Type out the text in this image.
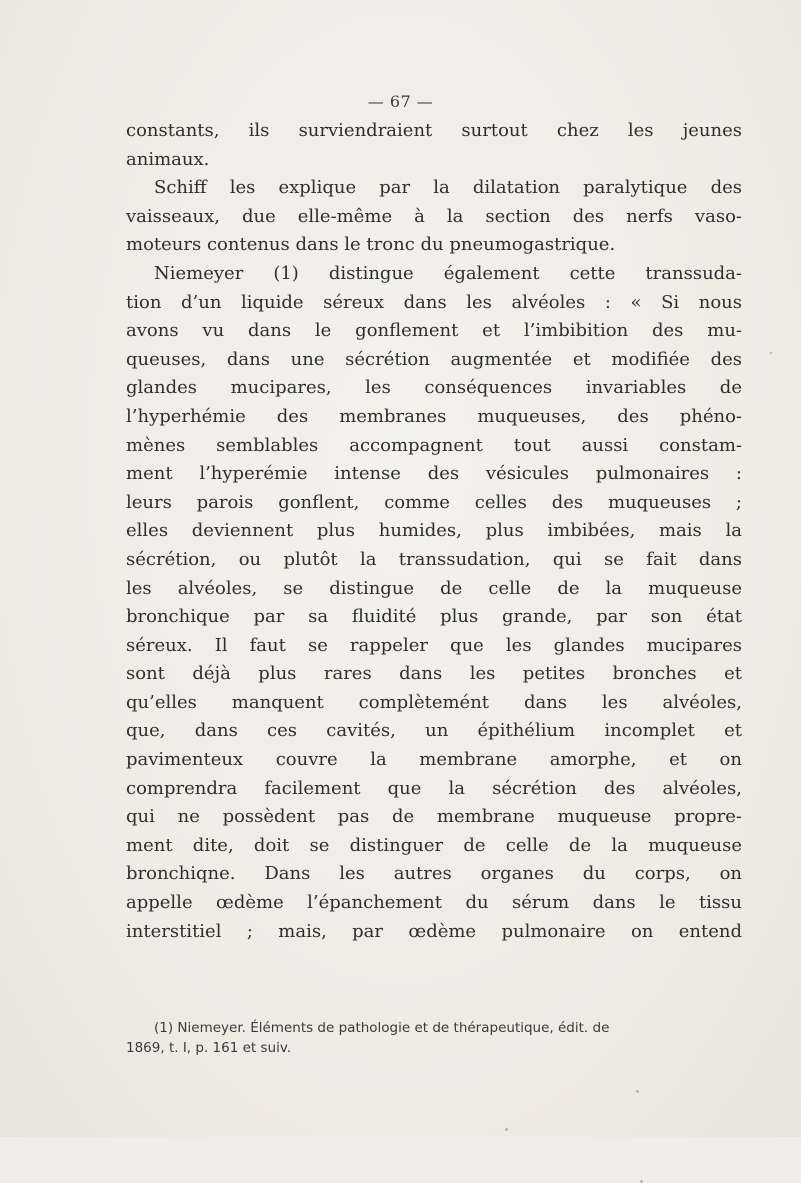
— 67 —
constants, ils surviendraient surtout chez les jeunes
animaux.
Schiff les explique par la dilatation paralytique des
vaisseaux, due elle-même à la section des nerfs vaso-
moteurs contenus dans le tronc du pneumogastrique.
Niemeyer (1) distingue également cette transsuda-
tion d’un liquide séreux dans les alvéoles : « Si nous
avons vu dans le gonflement et l’imbibition des mu-
queuses, dans une sécrétion augmentée et modifiée des
glandes mucipares, les conséquences invariables de
l’hyperhémie des membranes muqueuses, des phéno-
mènes semblables accompagnent tout aussi constam-
ment l’hyperémie intense des vésicules pulmonaires :
leurs parois gonflent, comme celles des muqueuses ;
elles deviennent plus humides, plus imbibées, mais la
sécrétion, ou plutôt la transsudation, qui se fait dans
les alvéoles, se distingue de celle de la muqueuse
bronchique par sa fluidité plus grande, par son état
séreux. Il faut se rappeler que les glandes mucipares
sont déjà plus rares dans les petites bronches et
qu’elles manquent complètemént dans les alvéoles,
que, dans ces cavités, un épithélium incomplet et
pavimenteux couvre la membrane amorphe, et on
comprendra facilement que la sécrétion des alvéoles,
qui ne possèdent pas de membrane muqueuse propre-
ment dite, doit se distinguer de celle de la muqueuse
bronchiqne. Dans les autres organes du corps, on
appelle œdème l’épanchement du sérum dans le tissu
interstitiel ; mais, par œdème pulmonaire on entend
(1) Niemeyer. Éléments de pathologie et de thérapeutique, édit. de
1869, t. I, p. 161 et suiv.
